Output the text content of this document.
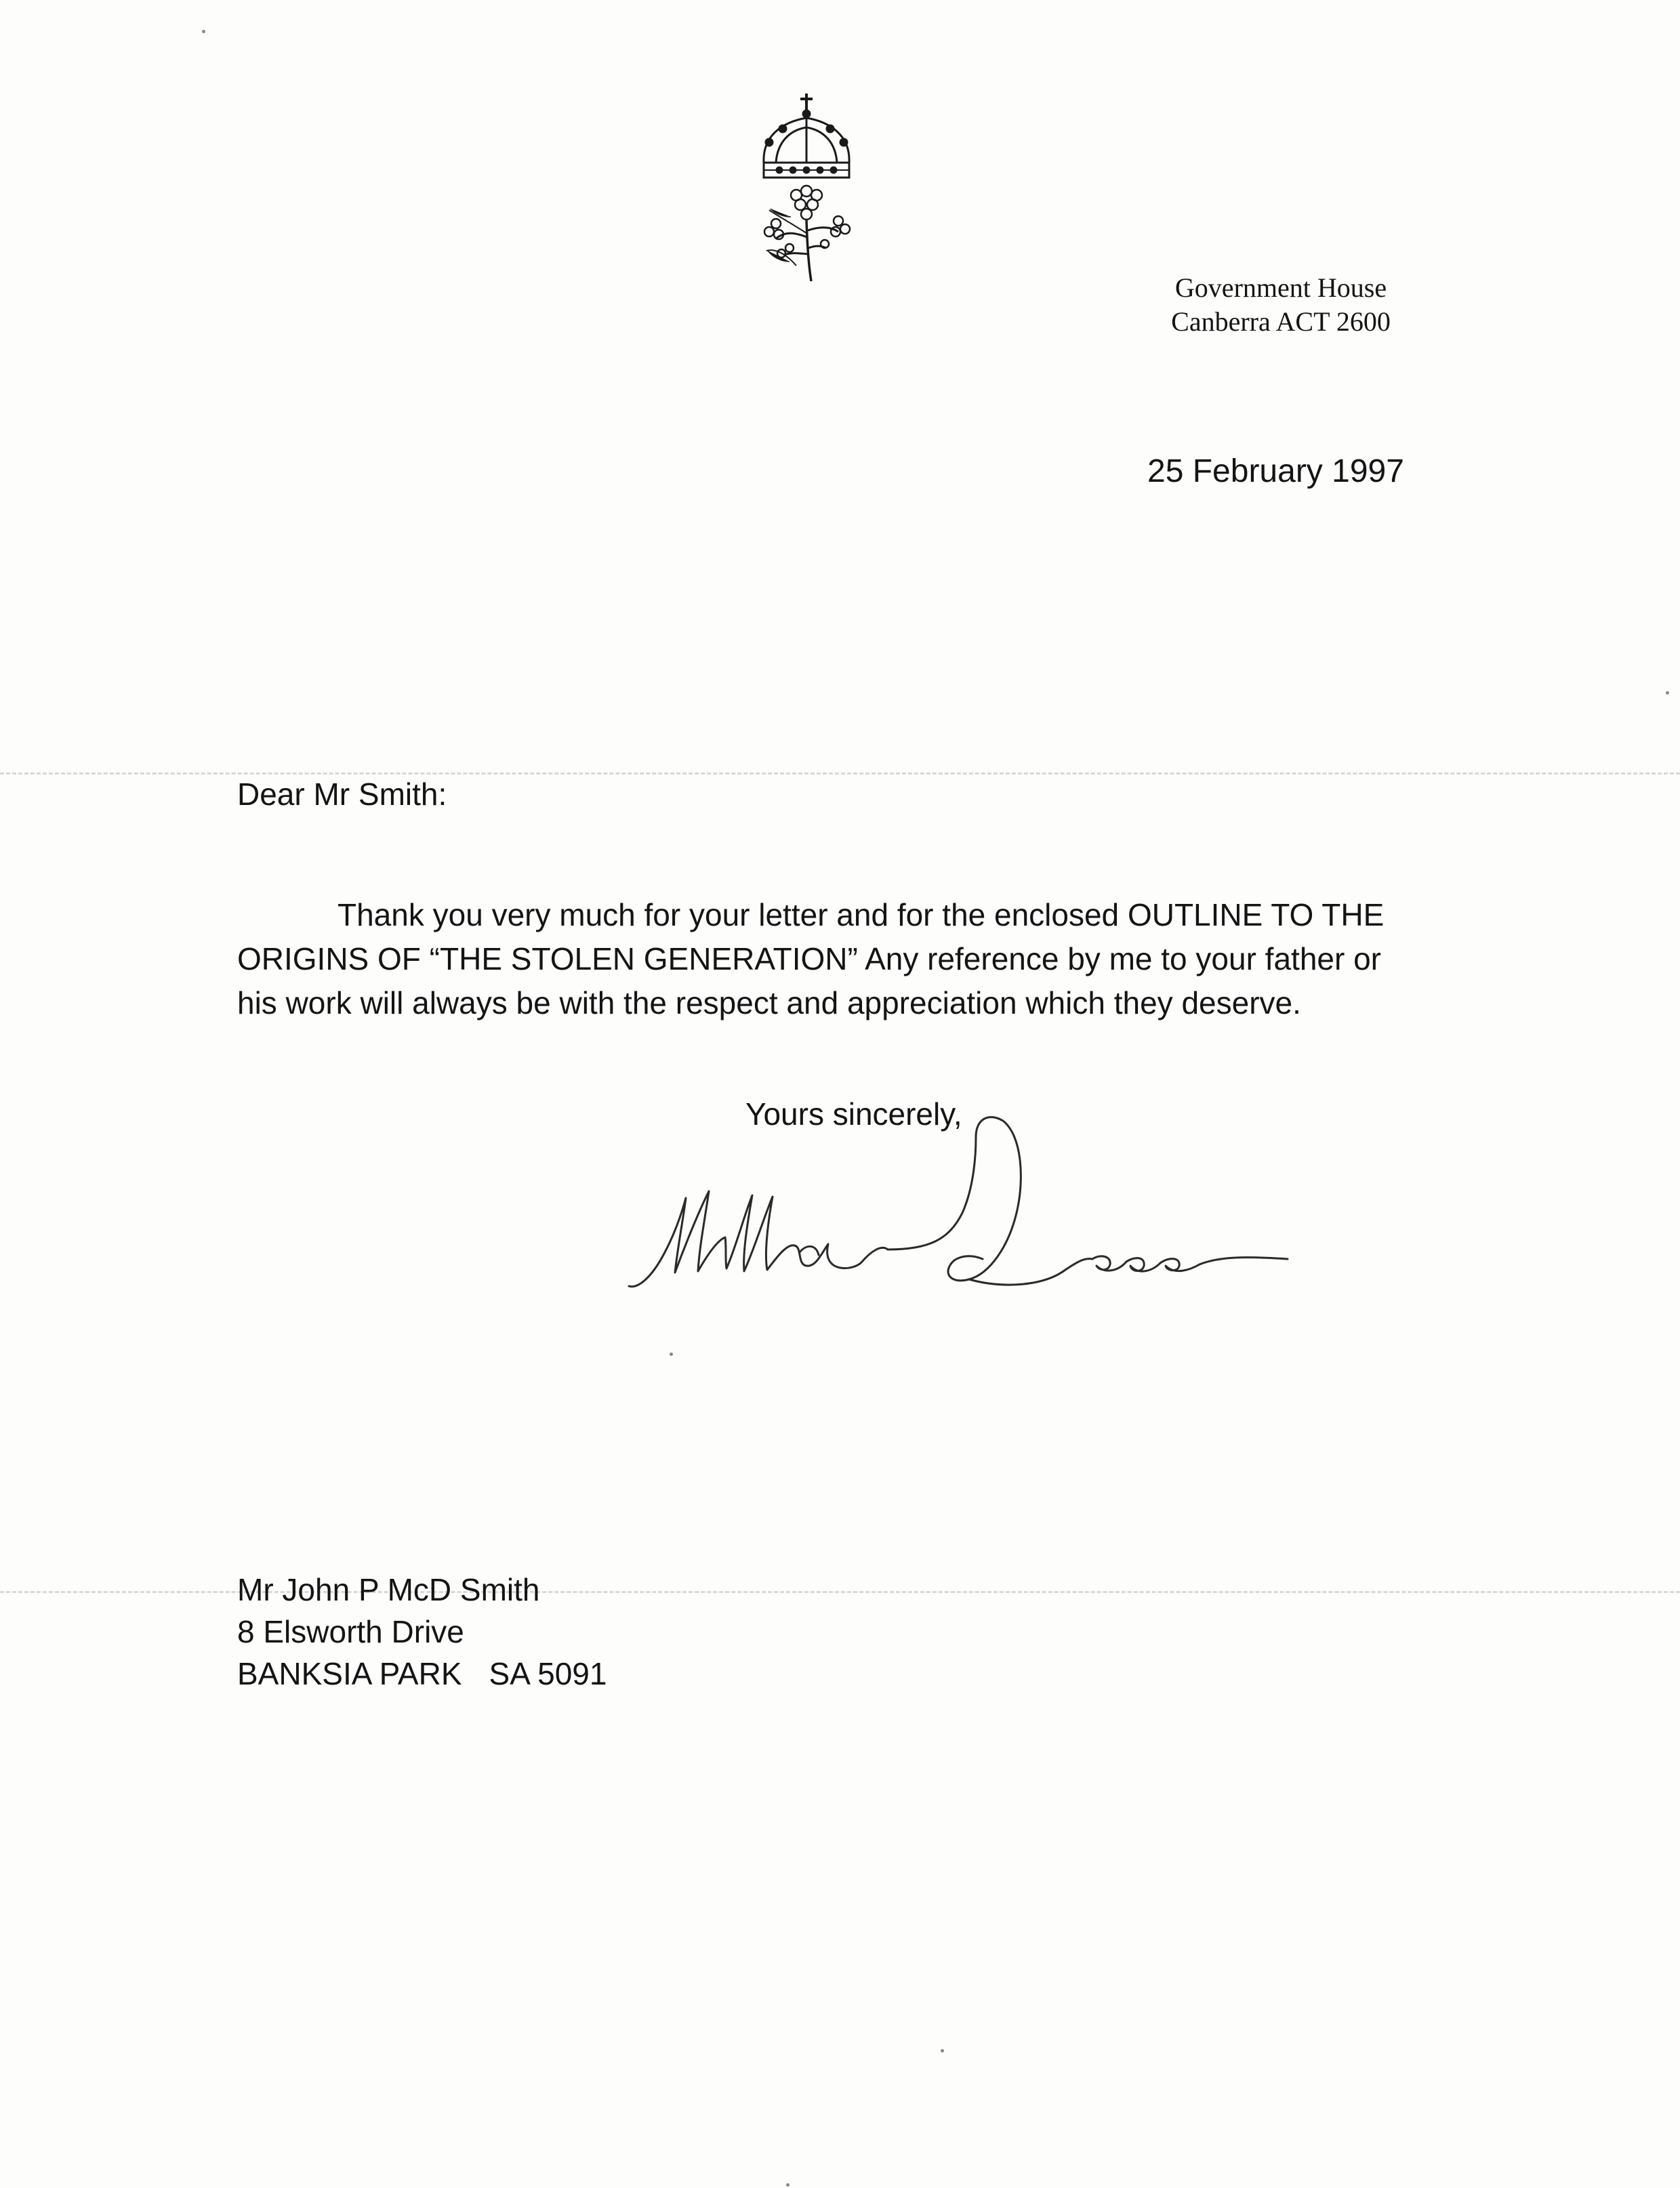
Government House
Canberra ACT 2600
25 February 1997
Dear Mr Smith:
Thank you very much for your letter and for the enclosed OUTLINE TO THE
ORIGINS OF “THE STOLEN GENERATION” Any reference by me to your father or
his work will always be with the respect and appreciation which they deserve.
Yours sincerely,
Mr John P McD Smith
8 Elsworth Drive
BANKSIA PARK SA 5091
